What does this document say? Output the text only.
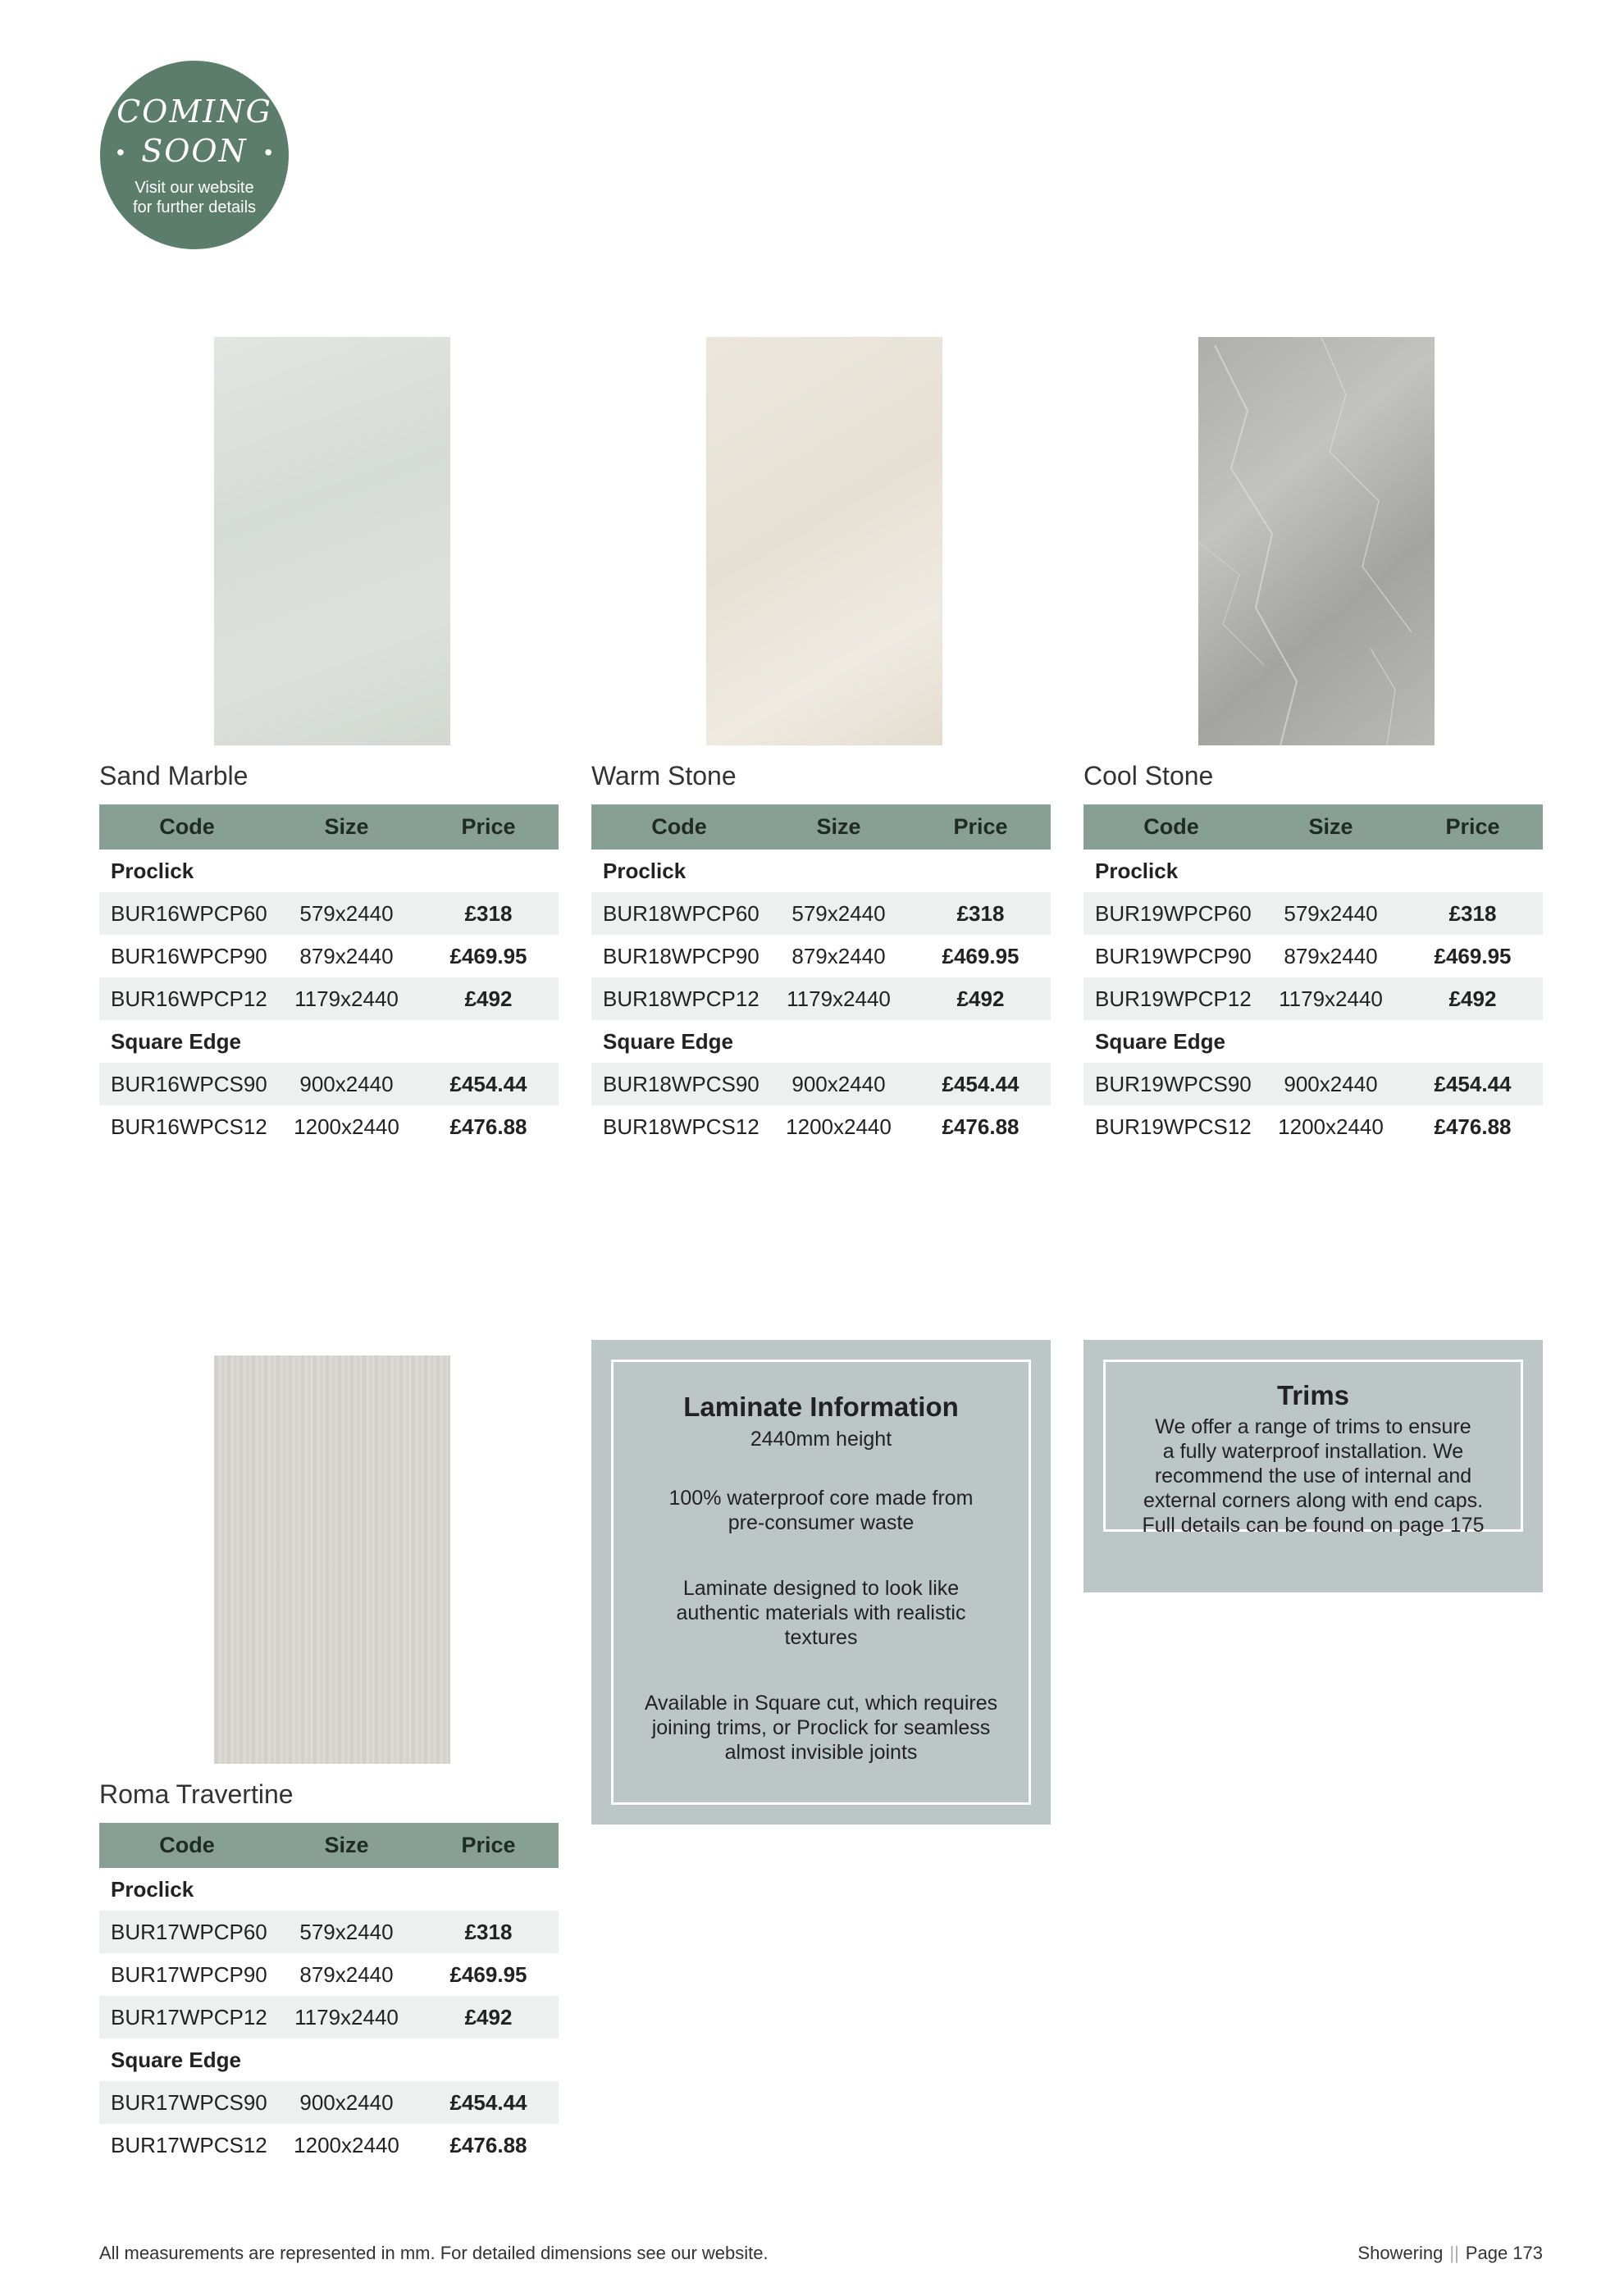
COMING
• SOON •
Visit our website
for further details
Sand Marble	Warm Stone	Cool Stone
Roma Travertine
Code	Size	Price
Proclick		
BUR16WPCP60	579x2440	£318
BUR16WPCP90	879x2440	£469.95
BUR16WPCP12	1179x2440	£492
Square Edge		
BUR16WPCS90	900x2440	£454.44
BUR16WPCS12	1200x2440	£476.88
Code	Size	Price
Proclick		
BUR18WPCP60	579x2440	£318
BUR18WPCP90	879x2440	£469.95
BUR18WPCP12	1179x2440	£492
Square Edge		
BUR18WPCS90	900x2440	£454.44
BUR18WPCS12	1200x2440	£476.88
Code	Size	Price
Proclick		
BUR19WPCP60	579x2440	£318
BUR19WPCP90	879x2440	£469.95
BUR19WPCP12	1179x2440	£492
Square Edge		
BUR19WPCS90	900x2440	£454.44
BUR19WPCS12	1200x2440	£476.88
Code	Size	Price
Proclick		
BUR17WPCP60	579x2440	£318
BUR17WPCP90	879x2440	£469.95
BUR17WPCP12	1179x2440	£492
Square Edge		
BUR17WPCS90	900x2440	£454.44
BUR17WPCS12	1200x2440	£476.88
Laminate Information
2440mm height
100% waterproof core made from
pre-consumer waste
Laminate designed to look like
authentic materials with realistic
textures
Available in Square cut, which requires
joining trims, or Proclick for seamless
almost invisible joints
Trims
We offer a range of trims to ensure
a fully waterproof installation. We
recommend the use of internal and
external corners along with end caps.
Full details can be found on page 175
All measurements are represented in mm. For detailed dimensions see our website.	Showering || Page 173
